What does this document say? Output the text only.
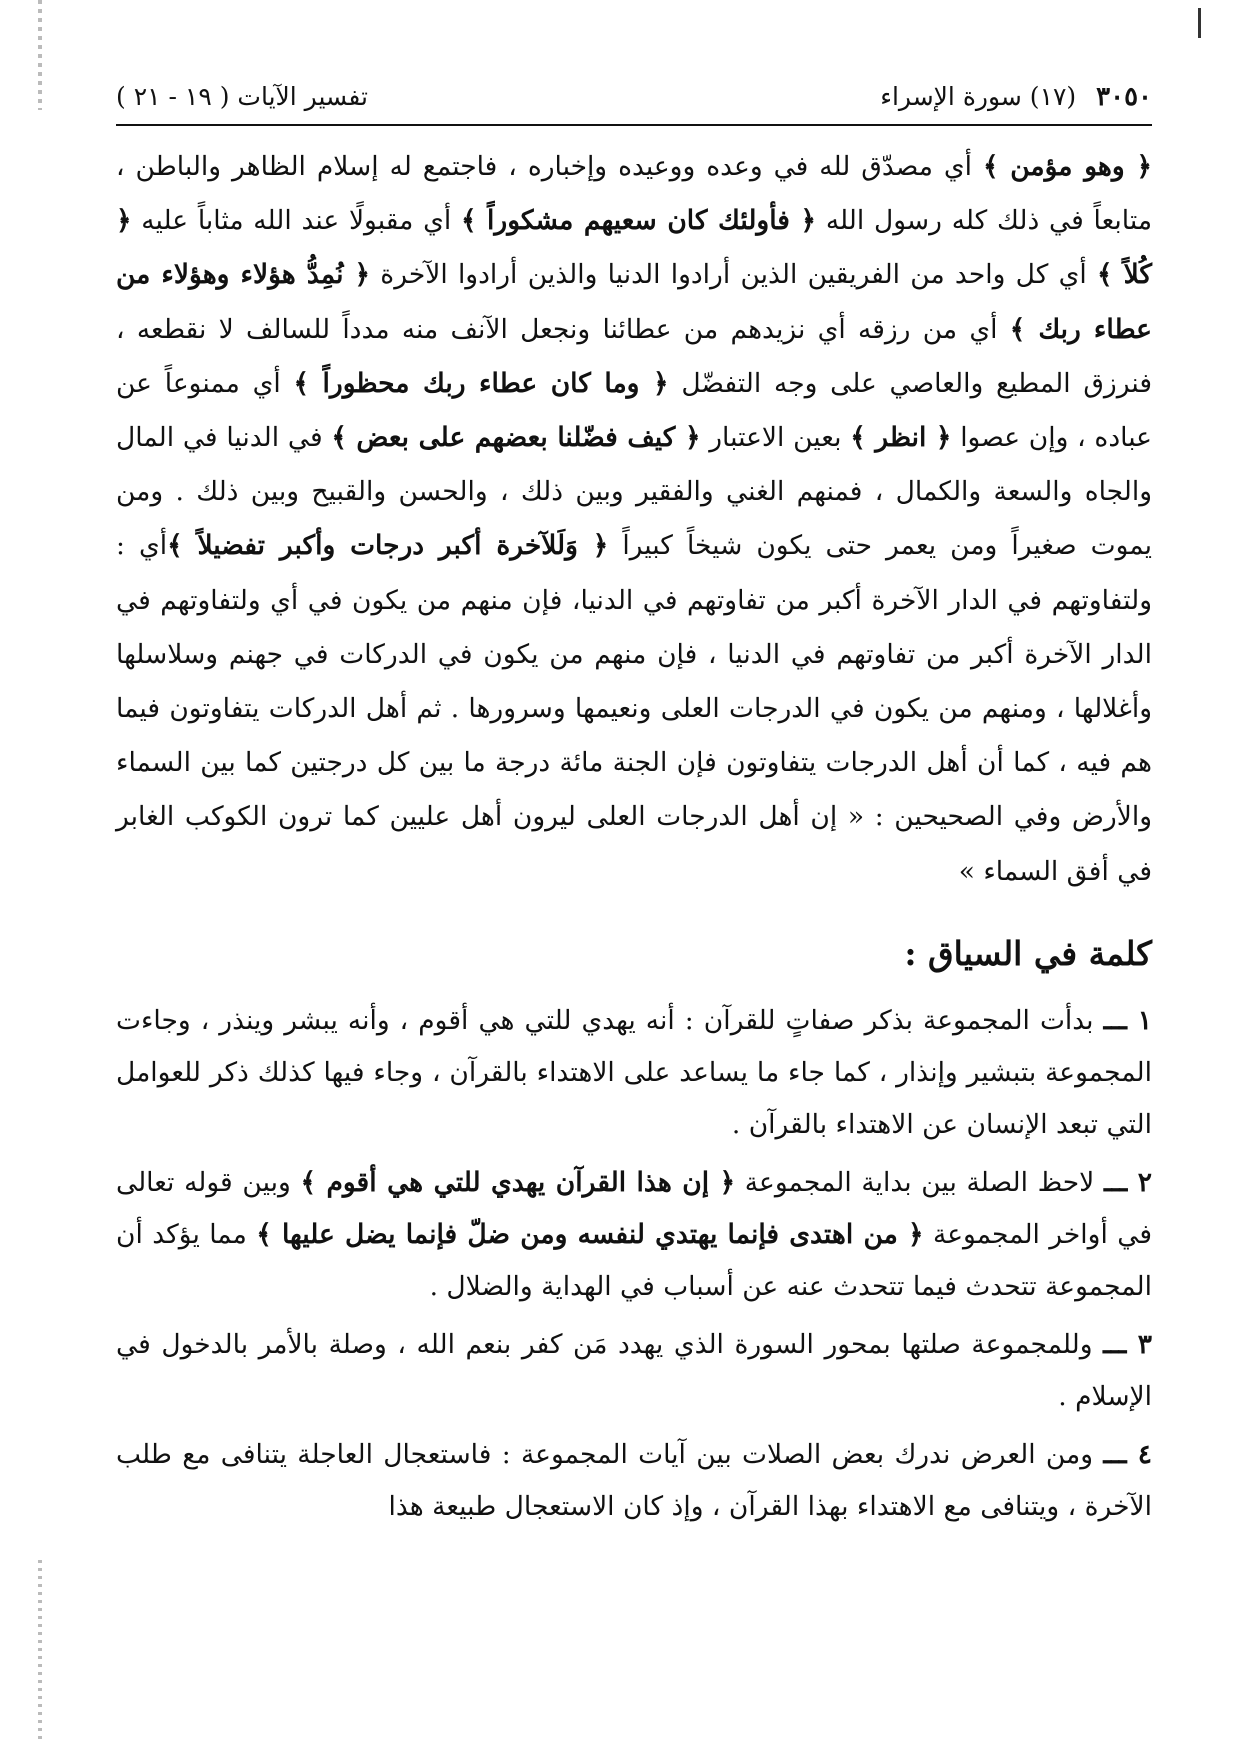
٣٠٥٠ (١٧) سورة الإسراء
تفسير الآيات ( ١٩ - ٢١ )

﴿ وهو مؤمن ﴾ أي مصدّق لله في وعده ووعيده وإخباره ، فاجتمع له إسلام الظاهر والباطن ، متابعاً في ذلك كله رسول الله ﴿ فأولئك كان سعيهم مشكوراً ﴾ أي مقبولًا عند الله مثاباً عليه ﴿ كُلاً ﴾ أي كل واحد من الفريقين الذين أرادوا الدنيا والذين أرادوا الآخرة ﴿ نُمِدُّ هؤلاء وهؤلاء من عطاء ربك ﴾ أي من رزقه أي نزيدهم من عطائنا ونجعل الآنف منه مدداً للسالف لا نقطعه ، فنرزق المطيع والعاصي على وجه التفضّل ﴿ وما كان عطاء ربك محظوراً ﴾ أي ممنوعاً عن عباده ، وإن عصوا ﴿ انظر ﴾ بعين الاعتبار ﴿ كيف فضّلنا بعضهم على بعض ﴾ في الدنيا في المال والجاه والسعة والكمال ، فمنهم الغني والفقير وبين ذلك ، والحسن والقبيح وبين ذلك . ومن يموت صغيراً ومن يعمر حتى يكون شيخاً كبيراً ﴿ وَلَلآخرة أكبر درجات وأكبر تفضيلاً ﴾أي : ولتفاوتهم في الدار الآخرة أكبر من تفاوتهم في الدنيا، فإن منهم من يكون في أي ولتفاوتهم في الدار الآخرة أكبر من تفاوتهم في الدنيا ، فإن منهم من يكون في الدركات في جهنم وسلاسلها وأغلالها ، ومنهم من يكون في الدرجات العلى ونعيمها وسرورها . ثم أهل الدركات يتفاوتون فيما هم فيه ، كما أن أهل الدرجات يتفاوتون فإن الجنة مائة درجة ما بين كل درجتين كما بين السماء والأرض وفي الصحيحين : « إن أهل الدرجات العلى ليرون أهل عليين كما ترون الكوكب الغابر في أفق السماء »

كلمة في السياق :

١ ـــ بدأت المجموعة بذكر صفاتٍ للقرآن : أنه يهدي للتي هي أقوم ، وأنه يبشر وينذر ، وجاءت المجموعة بتبشير وإنذار ، كما جاء ما يساعد على الاهتداء بالقرآن ، وجاء فيها كذلك ذكر للعوامل التي تبعد الإنسان عن الاهتداء بالقرآن .

٢ ـــ لاحظ الصلة بين بداية المجموعة ﴿ إن هذا القرآن يهدي للتي هي أقوم ﴾ وبين قوله تعالى في أواخر المجموعة ﴿ من اهتدى فإنما يهتدي لنفسه ومن ضلّ فإنما يضل عليها ﴾ مما يؤكد أن المجموعة تتحدث فيما تتحدث عنه عن أسباب في الهداية والضلال .

٣ ـــ وللمجموعة صلتها بمحور السورة الذي يهدد مَن كفر بنعم الله ، وصلة بالأمر بالدخول في الإسلام .

٤ ـــ ومن العرض ندرك بعض الصلات بين آيات المجموعة : فاستعجال العاجلة يتنافى مع طلب الآخرة ، ويتنافى مع الاهتداء بهذا القرآن ، وإذ كان الاستعجال طبيعة هذا
